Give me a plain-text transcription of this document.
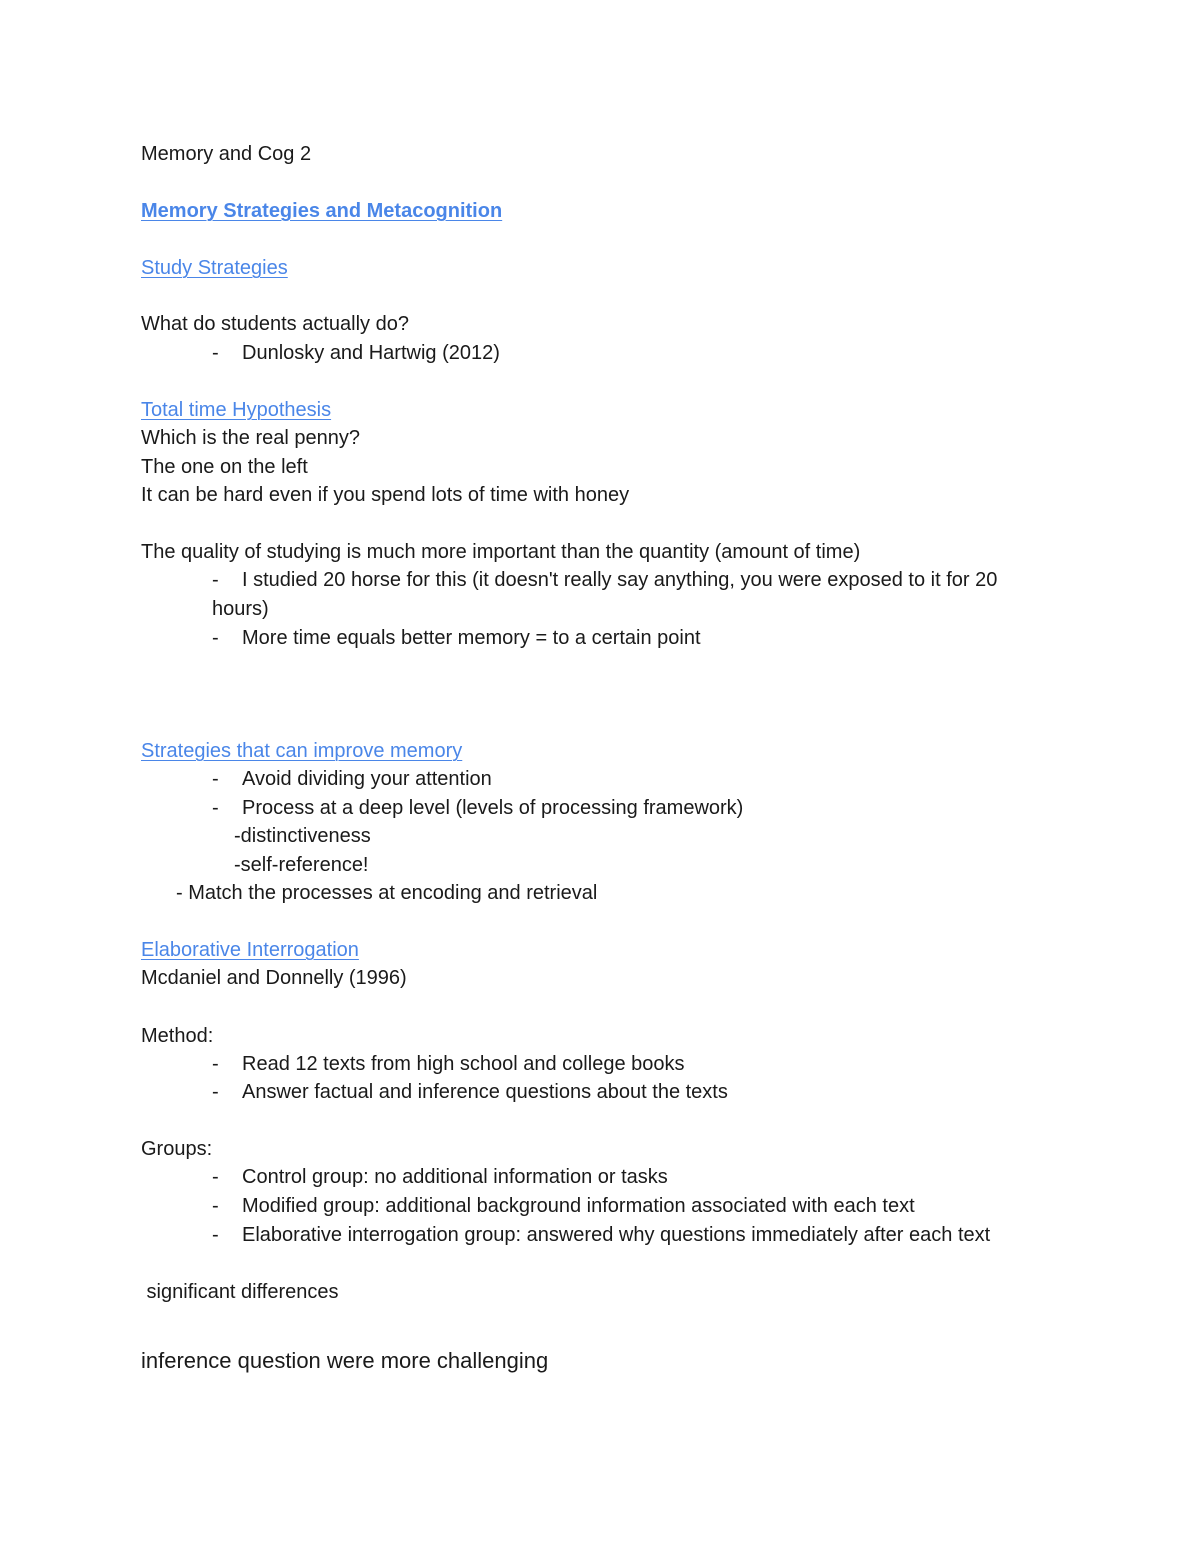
Memory and Cog 2
Memory Strategies and Metacognition
Study Strategies
What do students actually do?
- Dunlosky and Hartwig (2012)
Total time Hypothesis
Which is the real penny?
The one on the left
It can be hard even if you spend lots of time with honey
The quality of studying is much more important than the quantity (amount of time)
- I studied 20 horse for this (it doesn't really say anything, you were exposed to it for 20
hours)
- More time equals better memory = to a certain point
Strategies that can improve memory
- Avoid dividing your attention
- Process at a deep level (levels of processing framework)
-distinctiveness
-self-reference!
- Match the processes at encoding and retrieval
Elaborative Interrogation
Mcdaniel and Donnelly (1996)
Method:
- Read 12 texts from high school and college books
- Answer factual and inference questions about the texts
Groups:
- Control group: no additional information or tasks
- Modified group: additional background information associated with each text
- Elaborative interrogation group: answered why questions immediately after each text
significant differences
inference question were more challenging
